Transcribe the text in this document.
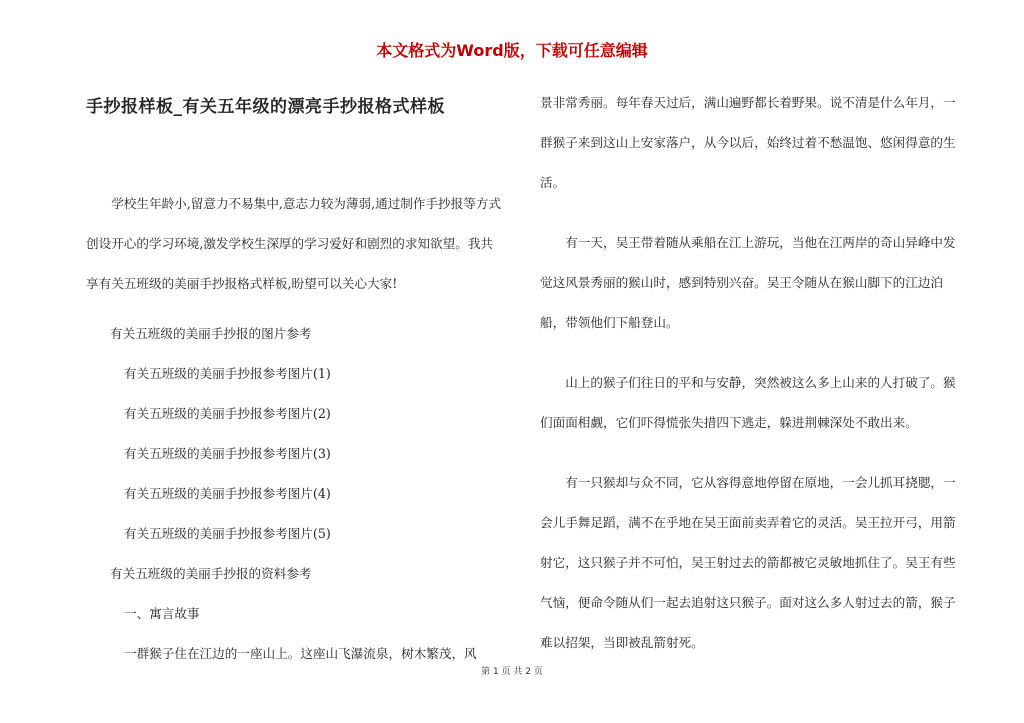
本文格式为Word版，下载可任意编辑
手抄报样板_有关五年级的漂亮手抄报格式样板

学校生年龄小,留意力不易集中,意志力较为薄弱,通过制作手抄报等方式创设开心的学习环境,激发学校生深厚的学习爱好和剧烈的求知欲望。我共享有关五班级的美丽手抄报格式样板,盼望可以关心大家!

有关五班级的美丽手抄报的图片参考

有关五班级的美丽手抄报参考图片(1)

有关五班级的美丽手抄报参考图片(2)

有关五班级的美丽手抄报参考图片(3)

有关五班级的美丽手抄报参考图片(4)

有关五班级的美丽手抄报参考图片(5)

有关五班级的美丽手抄报的资料参考

一、寓言故事

一群猴子住在江边的一座山上。这座山飞瀑流泉，树木繁茂，风

景非常秀丽。每年春天过后，满山遍野都长着野果。说不清是什么年月，一群猴子来到这山上安家落户，从今以后，始终过着不愁温饱、悠闲得意的生活。

有一天，吴王带着随从乘船在江上游玩，当他在江两岸的奇山异峰中发觉这风景秀丽的猴山时，感到特别兴奋。吴王令随从在猴山脚下的江边泊船，带领他们下船登山。

山上的猴子们往日的平和与安静，突然被这么多上山来的人打破了。猴们面面相觑，它们吓得慌张失措四下逃走，躲进荆棘深处不敢出来。

有一只猴却与众不同，它从容得意地停留在原地，一会儿抓耳挠腮，一会儿手舞足蹈，满不在乎地在吴王面前卖弄着它的灵活。吴王拉开弓，用箭射它，这只猴子并不可怕，吴王射过去的箭都被它灵敏地抓住了。吴王有些气恼，便命令随从们一起去追射这只猴子。面对这么多人射过去的箭，猴子难以招架，当即被乱箭射死。

第 1 页 共 2 页
